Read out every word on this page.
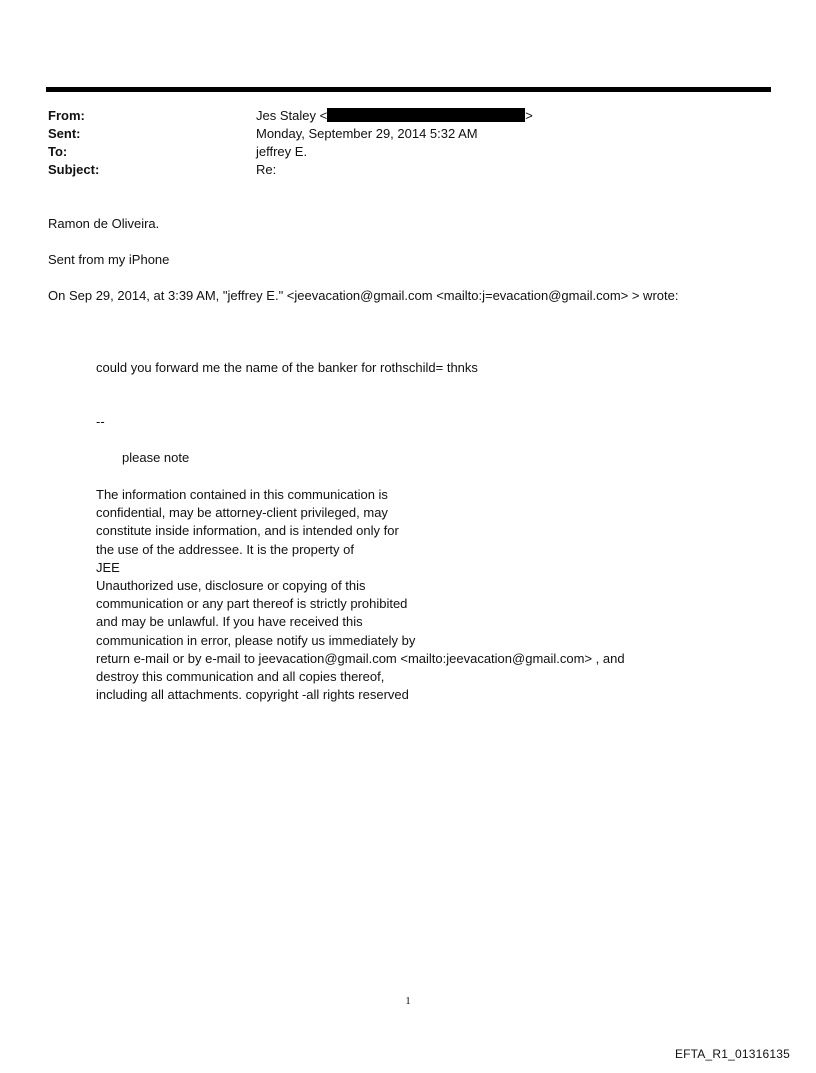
From:	Jes Staley <	>
Sent:	Monday, September 29, 2014 5:32 AM
To:	jeffrey E.
Subject:	Re:
Ramon de Oliveira.
Sent from my iPhone
On Sep 29, 2014, at 3:39 AM, "jeffrey E." <jeevacation@gmail.com <mailto:j=evacation@gmail.com> > wrote:
could you forward me the name of the banker for rothschild= thnks
--
please note
The information contained in this communication is
confidential, may be attorney-client privileged, may
constitute inside information, and is intended only for
the use of the addressee. It is the property of
JEE
Unauthorized use, disclosure or copying of this
communication or any part thereof is strictly prohibited
and may be unlawful. If you have received this
communication in error, please notify us immediately by
return e-mail or by e-mail to jeevacation@gmail.com <mailto:jeevacation@gmail.com> , and
destroy this communication and all copies thereof,
including all attachments. copyright -all rights reserved
1
EFTA_R1_01316135
